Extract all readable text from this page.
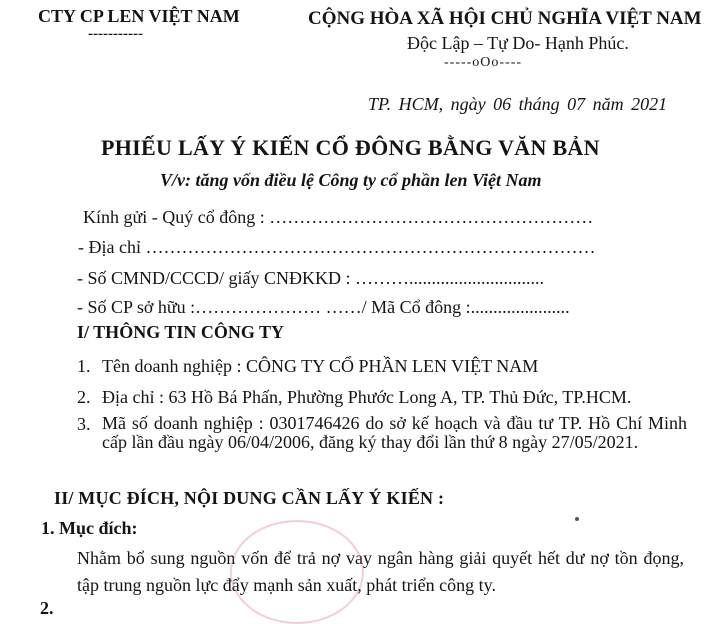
CTY CP LEN VIỆT NAM
-----------
CỘNG HÒA XÃ HỘI CHỦ NGHĨA VIỆT NAM
Độc Lập – Tự Do- Hạnh Phúc.
-----oOo----
TP. HCM, ngày 06 tháng 07 năm 2021
PHIẾU LẤY Ý KIẾN CỔ ĐÔNG BẰNG VĂN BẢN
V/v: tăng vốn điều lệ Công ty cổ phần len Việt Nam
Kính gửi - Quý cổ đông : ………………………………………………
- Địa chỉ …………………………………………………………………
- Số CMND/CCCD/ giấy CNĐKKD : ………..............................
- Số CP sở hữu :………………… ……/ Mã Cổ đông :......................
I/ THÔNG TIN CÔNG TY
1. Tên doanh nghiệp : CÔNG TY CỔ PHẦN LEN VIỆT NAM
2. Địa chỉ : 63 Hồ Bá Phấn, Phường Phước Long A, TP. Thủ Đức, TP.HCM.
3. Mã số doanh nghiệp : 0301746426 do sở kế hoạch và đầu tư TP. Hồ Chí Minh cấp lần đầu ngày 06/04/2006, đăng ký thay đổi lần thứ 8 ngày 27/05/2021.
II/ MỤC ĐÍCH, NỘI DUNG CẦN LẤY Ý KIẾN :
1. Mục đích:
Nhằm bổ sung nguồn vốn để trả nợ vay ngân hàng giải quyết hết dư nợ tồn đọng, tập trung nguồn lực đẩy mạnh sản xuất, phát triển công ty.
2.
